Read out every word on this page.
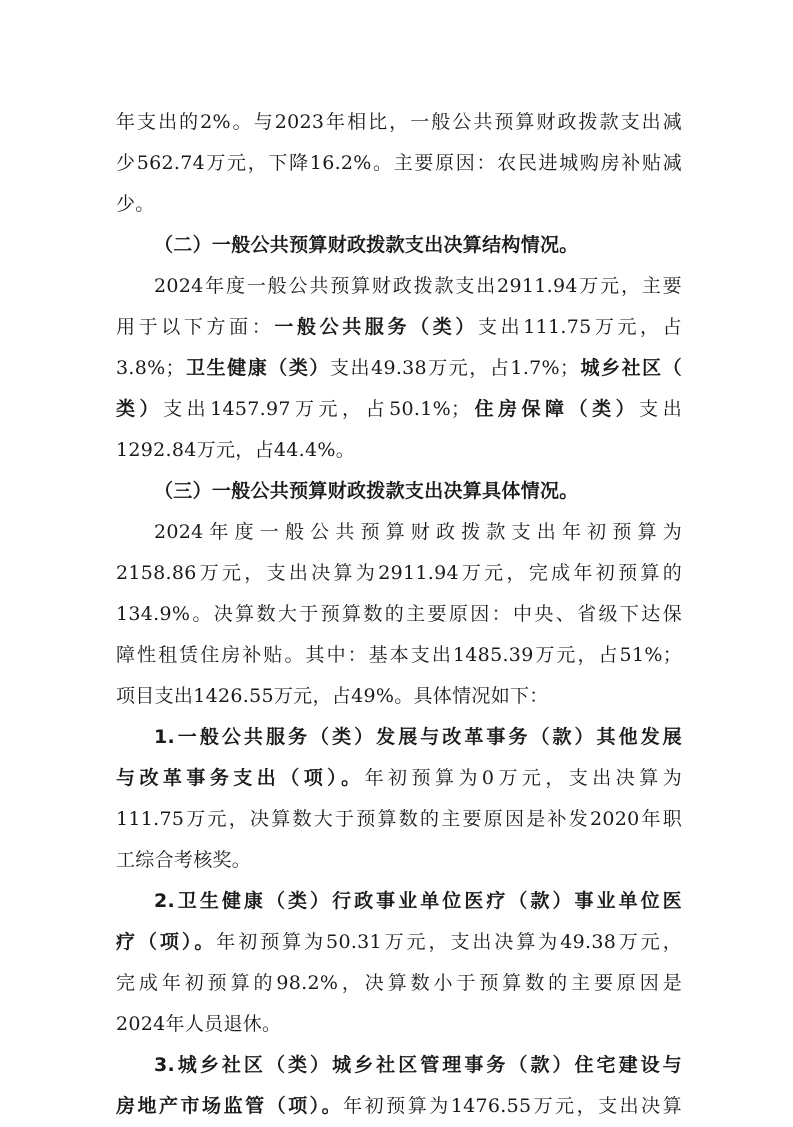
年支出的2%。与2023年相比，一般公共预算财政拨款支出减
少562.74万元，下降16.2%。主要原因：农民进城购房补贴减
少。
（二）一般公共预算财政拨款支出决算结构情况。
2024年度一般公共预算财政拨款支出2911.94万元，主要
用于以下方面：一般公共服务（类）支出111.75万元，占
3.8%；卫生健康（类）支出49.38万元，占1.7%；城乡社区（
类）支出1457.97万元，占50.1%；住房保障（类）支出
1292.84万元，占44.4%。
（三）一般公共预算财政拨款支出决算具体情况。
2024年度一般公共预算财政拨款支出年初预算为
2158.86万元，支出决算为2911.94万元，完成年初预算的
134.9%。决算数大于预算数的主要原因：中央、省级下达保
障性租赁住房补贴。其中：基本支出1485.39万元，占51%；
项目支出1426.55万元，占49%。具体情况如下：
1.一般公共服务（类）发展与改革事务（款）其他发展
与改革事务支出（项）。年初预算为0万元，支出决算为
111.75万元，决算数大于预算数的主要原因是补发2020年职
工综合考核奖。
2.卫生健康（类）行政事业单位医疗（款）事业单位医
疗（项）。年初预算为50.31万元，支出决算为49.38万元，
完成年初预算的98.2%，决算数小于预算数的主要原因是
2024年人员退休。
3.城乡社区（类）城乡社区管理事务（款）住宅建设与
房地产市场监管（项）。年初预算为1476.55万元，支出决算
